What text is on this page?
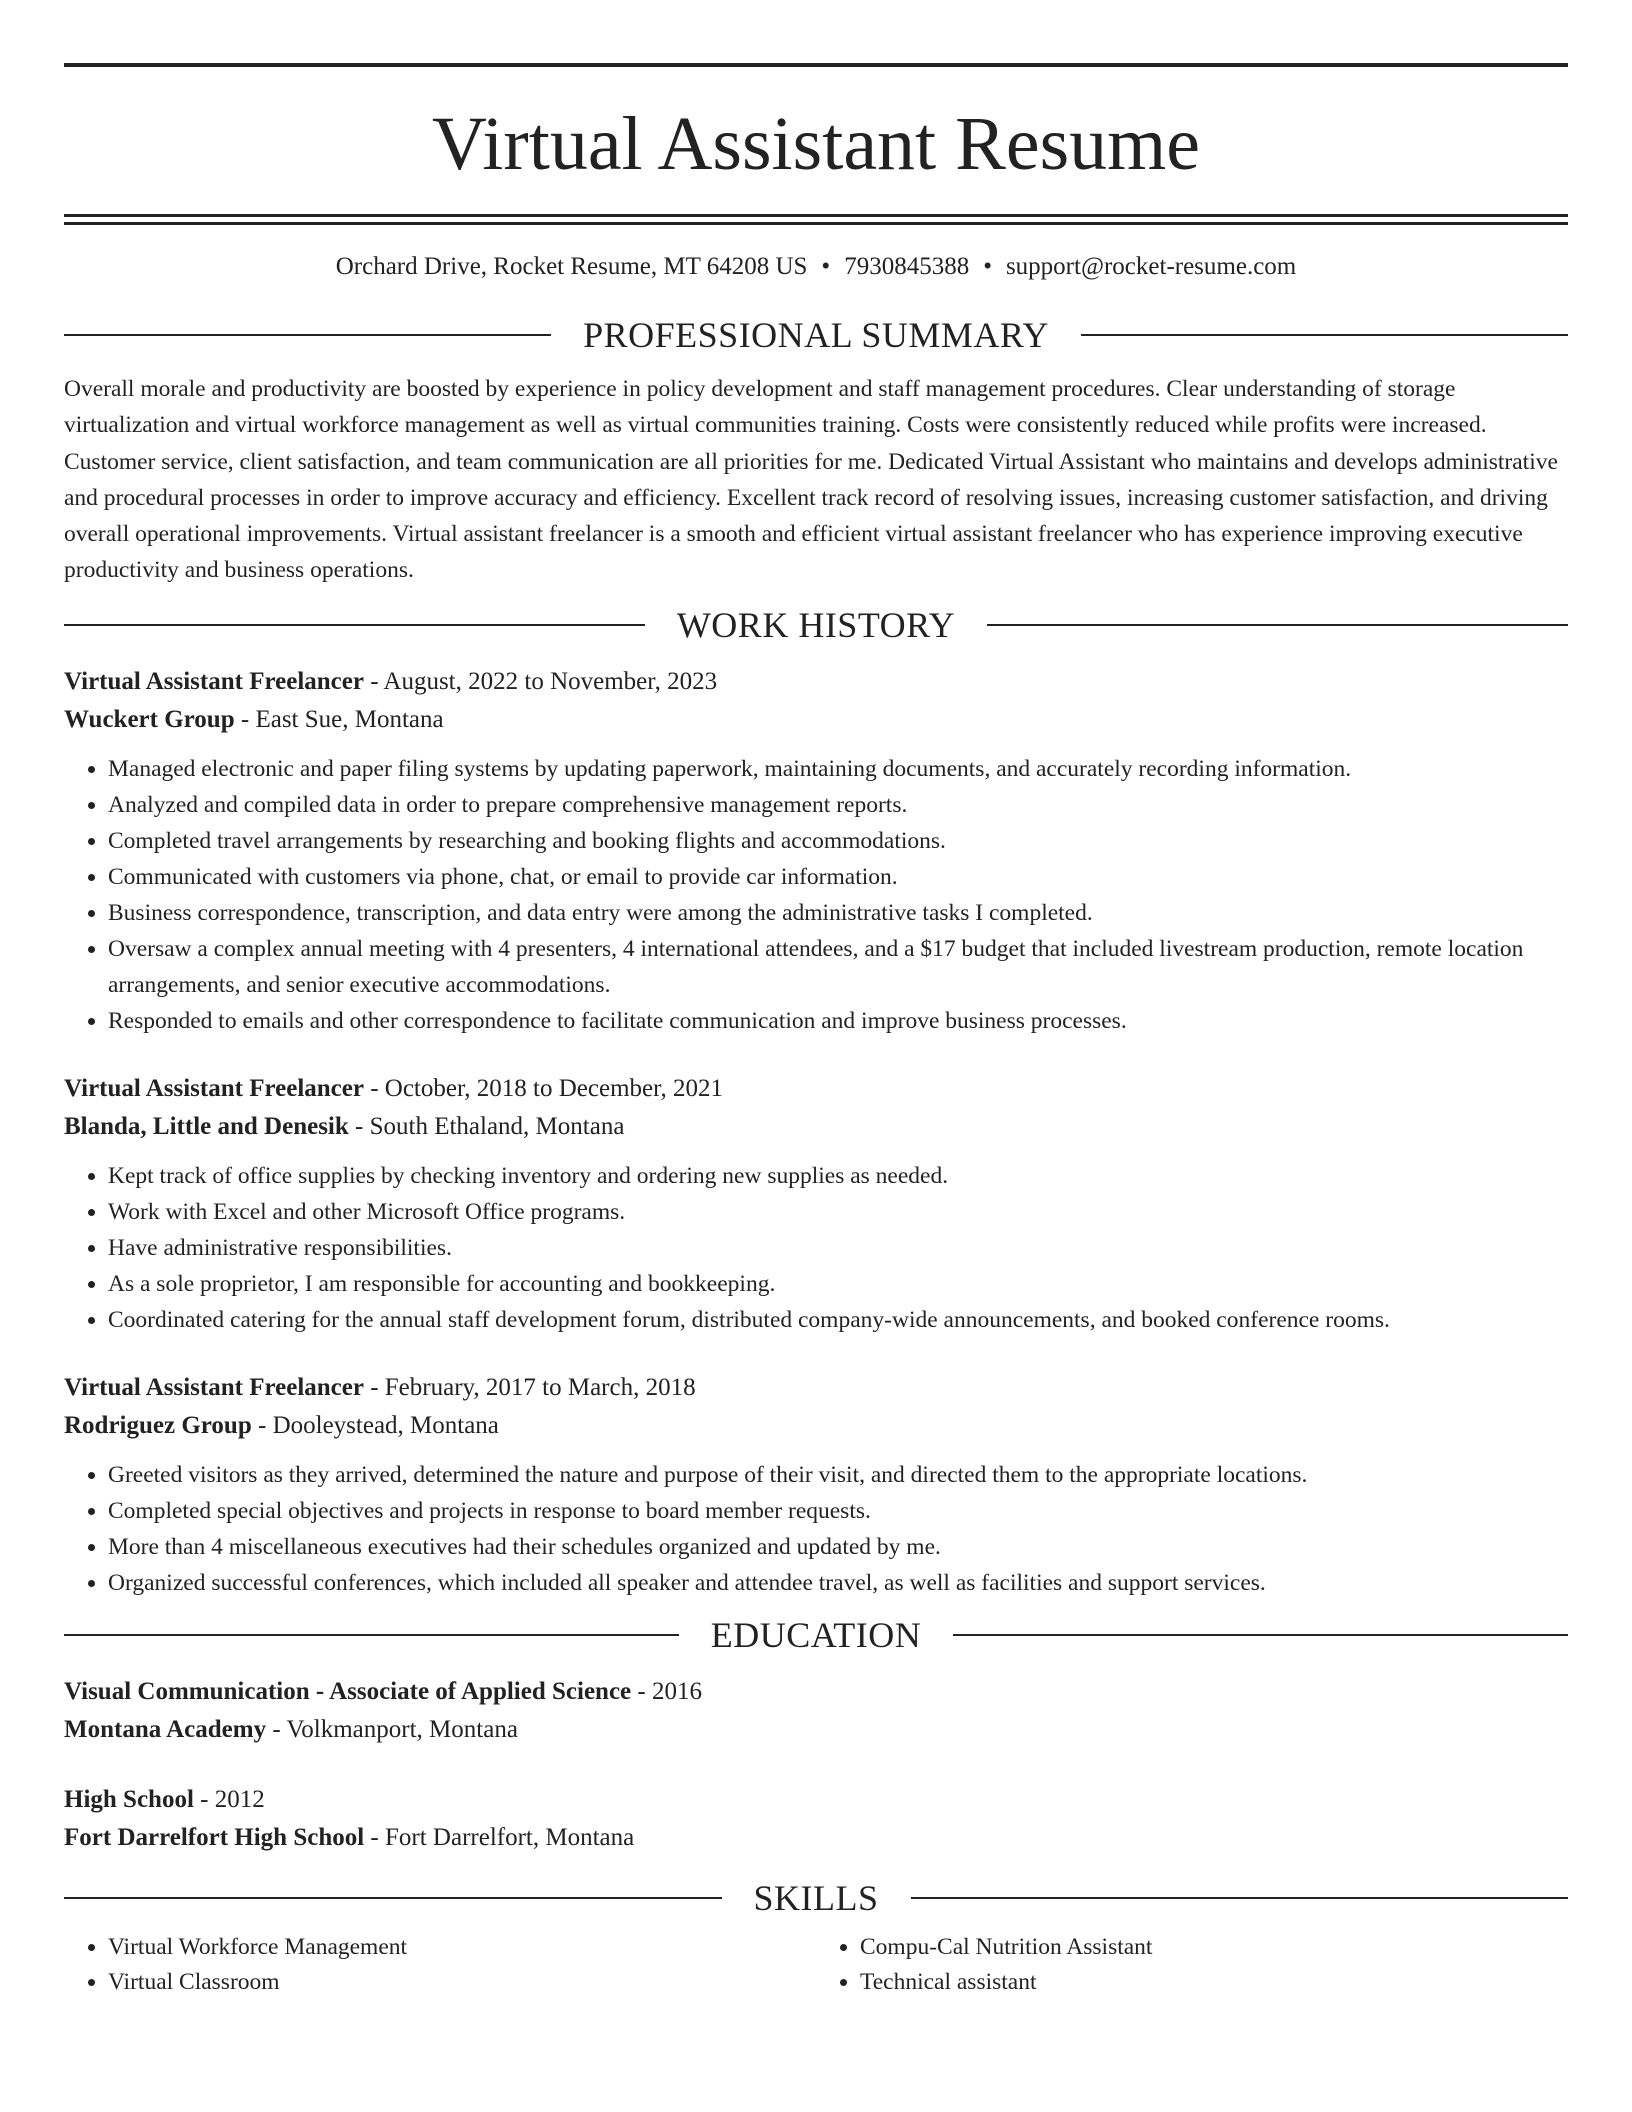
Virtual Assistant Resume
Orchard Drive, Rocket Resume, MT 64208 US • 7930845388 • support@rocket-resume.com
PROFESSIONAL SUMMARY
Overall morale and productivity are boosted by experience in policy development and staff management procedures. Clear understanding of storage virtualization and virtual workforce management as well as virtual communities training. Costs were consistently reduced while profits were increased. Customer service, client satisfaction, and team communication are all priorities for me. Dedicated Virtual Assistant who maintains and develops administrative and procedural processes in order to improve accuracy and efficiency. Excellent track record of resolving issues, increasing customer satisfaction, and driving overall operational improvements. Virtual assistant freelancer is a smooth and efficient virtual assistant freelancer who has experience improving executive productivity and business operations.
WORK HISTORY
Virtual Assistant Freelancer - August, 2022 to November, 2023
Wuckert Group - East Sue, Montana
• Managed electronic and paper filing systems by updating paperwork, maintaining documents, and accurately recording information.
• Analyzed and compiled data in order to prepare comprehensive management reports.
• Completed travel arrangements by researching and booking flights and accommodations.
• Communicated with customers via phone, chat, or email to provide car information.
• Business correspondence, transcription, and data entry were among the administrative tasks I completed.
• Oversaw a complex annual meeting with 4 presenters, 4 international attendees, and a $17 budget that included livestream production, remote location arrangements, and senior executive accommodations.
• Responded to emails and other correspondence to facilitate communication and improve business processes.
Virtual Assistant Freelancer - October, 2018 to December, 2021
Blanda, Little and Denesik - South Ethaland, Montana
• Kept track of office supplies by checking inventory and ordering new supplies as needed.
• Work with Excel and other Microsoft Office programs.
• Have administrative responsibilities.
• As a sole proprietor, I am responsible for accounting and bookkeeping.
• Coordinated catering for the annual staff development forum, distributed company-wide announcements, and booked conference rooms.
Virtual Assistant Freelancer - February, 2017 to March, 2018
Rodriguez Group - Dooleystead, Montana
• Greeted visitors as they arrived, determined the nature and purpose of their visit, and directed them to the appropriate locations.
• Completed special objectives and projects in response to board member requests.
• More than 4 miscellaneous executives had their schedules organized and updated by me.
• Organized successful conferences, which included all speaker and attendee travel, as well as facilities and support services.
EDUCATION
Visual Communication - Associate of Applied Science - 2016
Montana Academy - Volkmanport, Montana
High School - 2012
Fort Darrelfort High School - Fort Darrelfort, Montana
SKILLS
• Virtual Workforce Management
• Virtual Classroom
• Compu-Cal Nutrition Assistant
• Technical assistant
